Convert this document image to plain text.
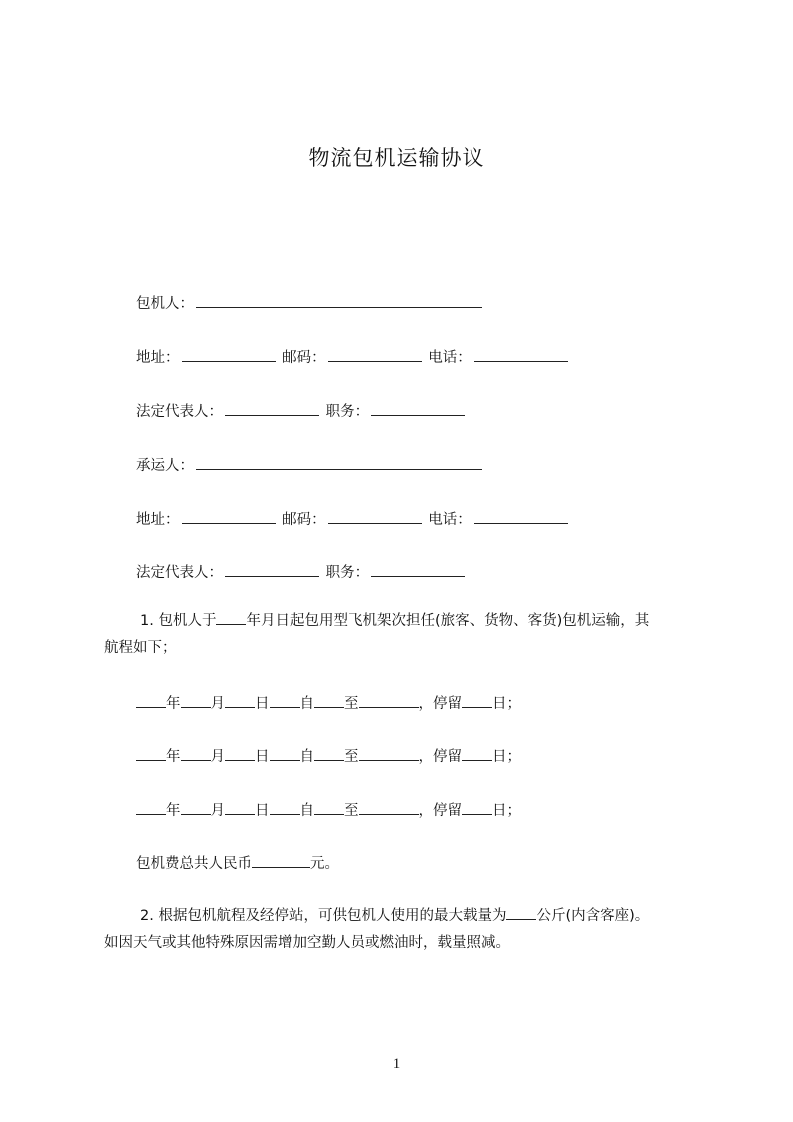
物流包机运输协议
包机人：
地址：	邮码：	电话：
法定代表人：	职务：
承运人：
地址：	邮码：	电话：
法定代表人：	职务：
1. 包机人于 年月日起包用型飞机架次担任(旅客、货物、客货)包机运输，其
航程如下；
年 月 日 自 至	，停留 日；
年 月 日 自 至	，停留 日；
年 月 日 自 至	，停留 日；
包机费总共人民币	元。
2. 根据包机航程及经停站，可供包机人使用的最大载量为 公斤(内含客座)。
如因天气或其他特殊原因需增加空勤人员或燃油时，载量照减。
1
